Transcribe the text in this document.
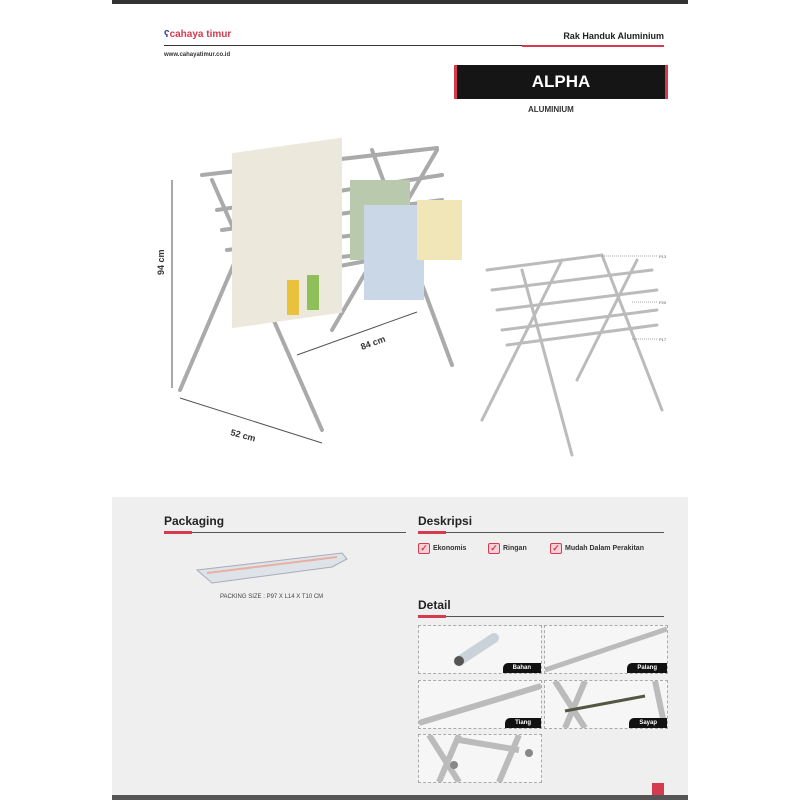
ʕcahaya timur	Rak Handuk Aluminium
www.cahayatimur.co.id
ALPHA
ALUMINIUM
94 cm
84 cm
52 cm
P13
P20
P17
Packaging
PACKING SIZE : P97 X L14 X T10 CM
Deskripsi
✓ Ekonomis	✓ Ringan	✓ Mudah Dalam Perakitan
Detail
Bahan	Palang
Tiang	Sayap
